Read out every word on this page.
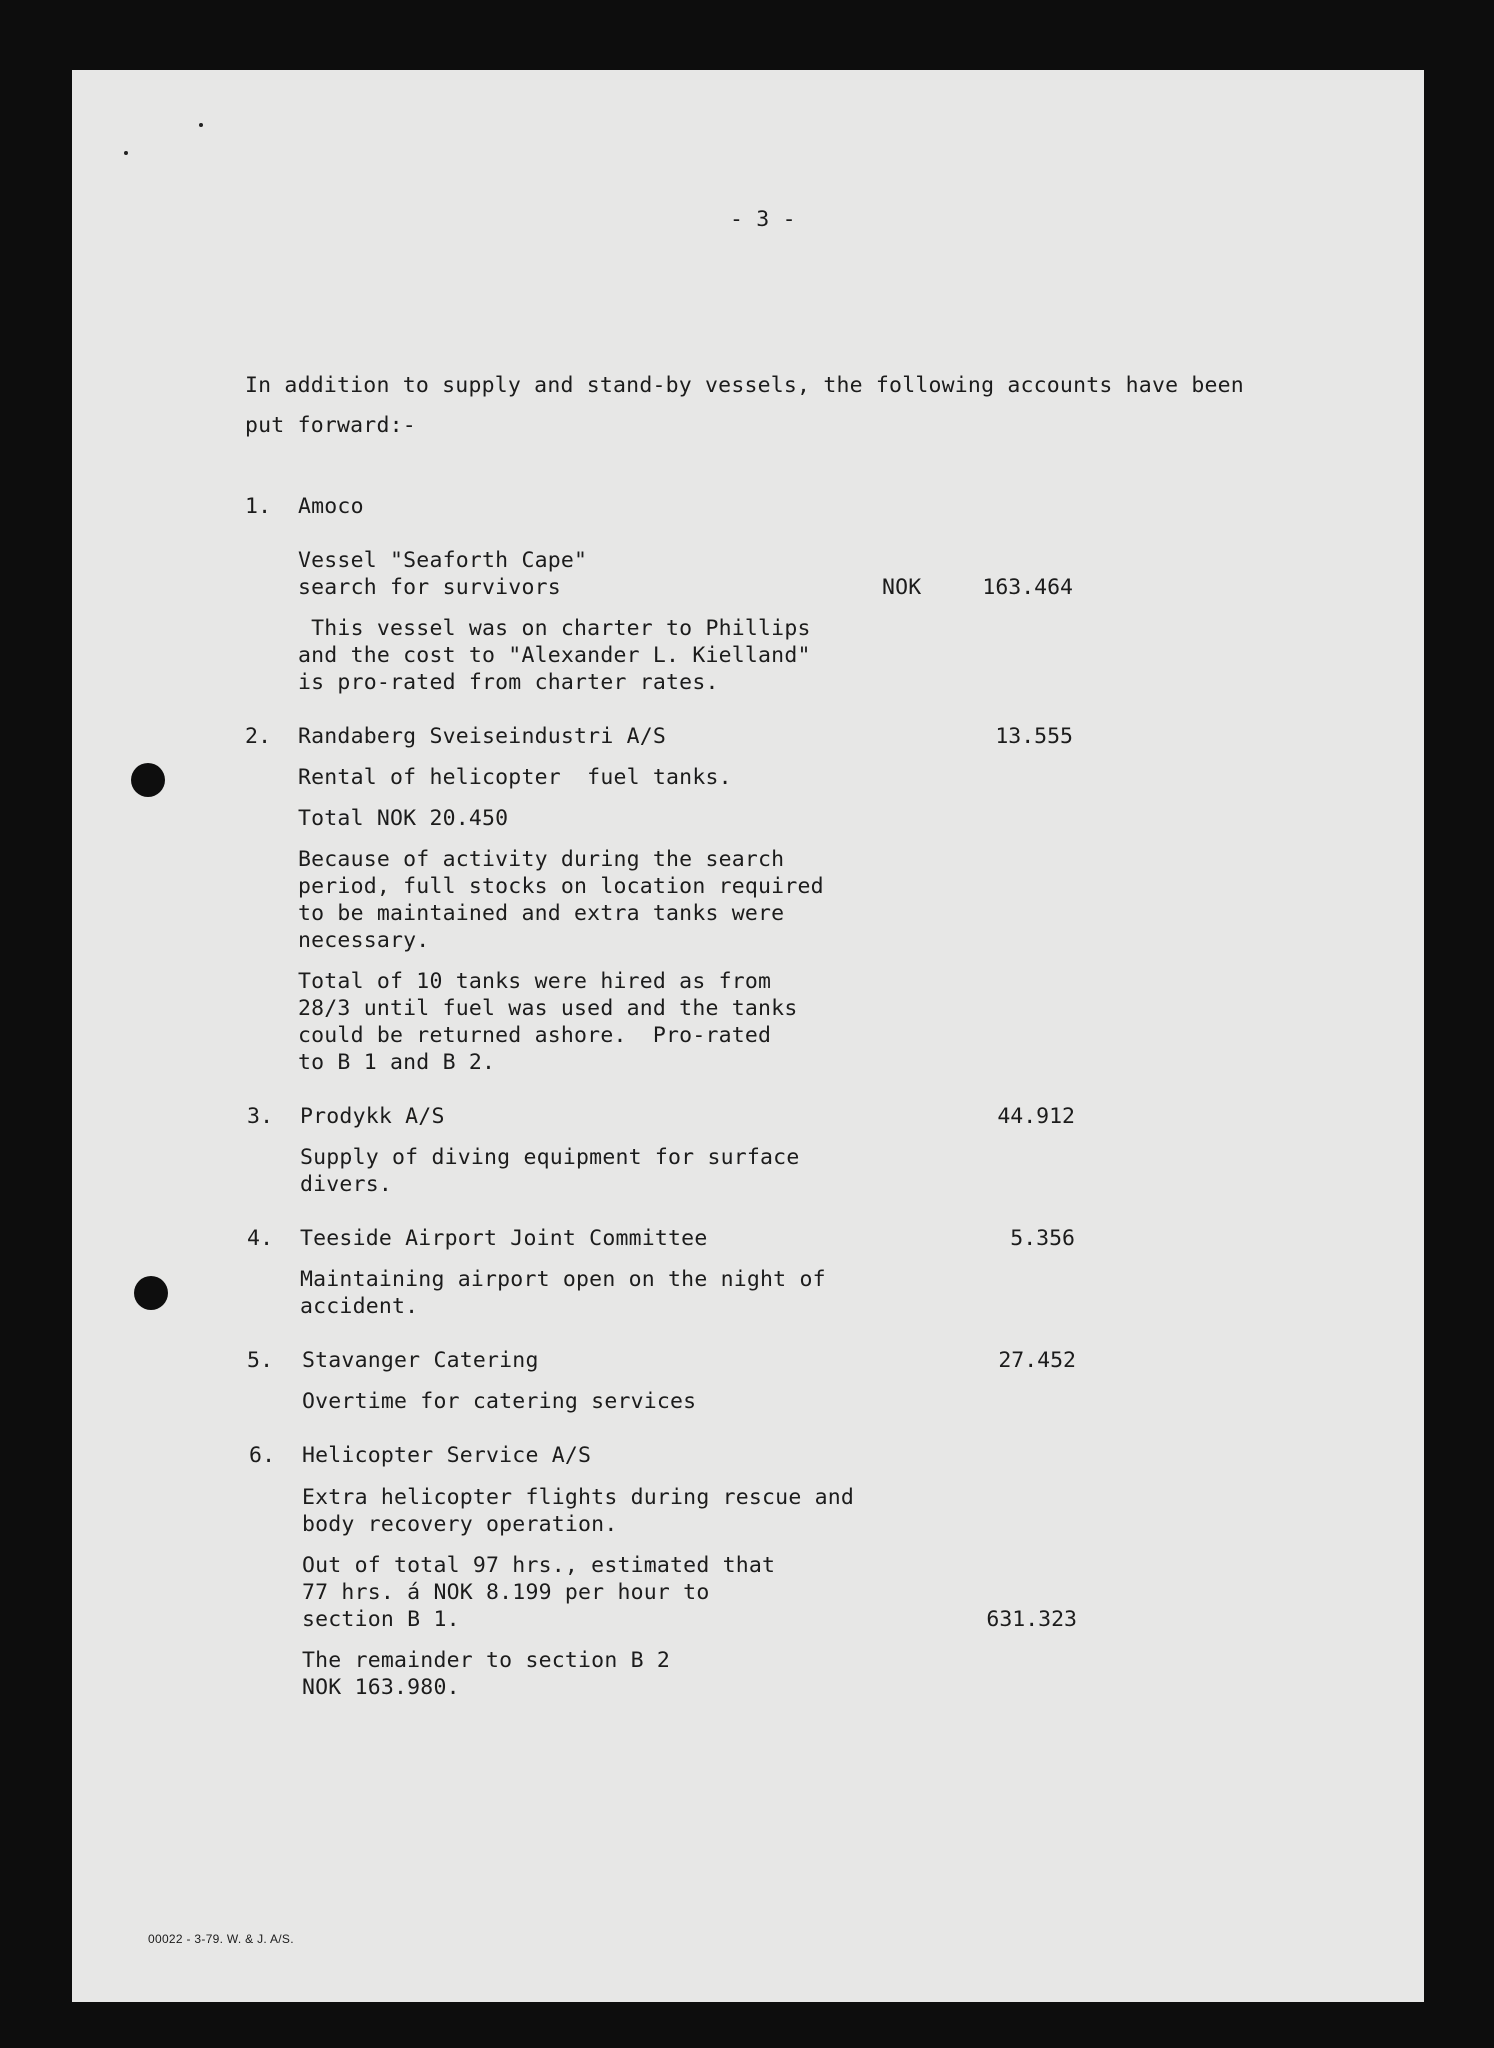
- 3 -
In addition to supply and stand-by vessels, the following accounts have been
put forward:-
1. Amoco
Vessel "Seaforth Cape"
search for survivors	NOK	163.464
This vessel was on charter to Phillips
and the cost to "Alexander L. Kielland"
is pro-rated from charter rates.
2. Randaberg Sveiseindustri A/S	13.555
Rental of helicopter  fuel tanks.
Total NOK 20.450
Because of activity during the search
period, full stocks on location required
to be maintained and extra tanks were
necessary.
Total of 10 tanks were hired as from
28/3 until fuel was used and the tanks
could be returned ashore.  Pro-rated
to B 1 and B 2.
3. Prodykk A/S	44.912
Supply of diving equipment for surface
divers.
4. Teeside Airport Joint Committee	5.356
Maintaining airport open on the night of
accident.
5. Stavanger Catering	27.452
Overtime for catering services
6. Helicopter Service A/S
Extra helicopter flights during rescue and
body recovery operation.
Out of total 97 hrs., estimated that
77 hrs. á NOK 8.199 per hour to
section B 1.	631.323
The remainder to section B 2
NOK 163.980.
00022 - 3-79. W. & J. A/S.
